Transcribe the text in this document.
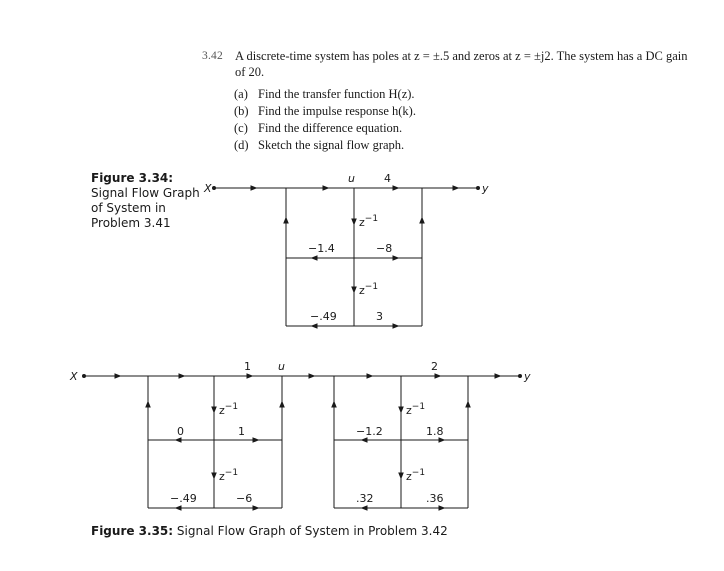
3.42 A discrete-time system has poles at z = ±.5 and zeros at z = ±j2. The system has a DC gain of 20.
(a) Find the transfer function H(z).
(b) Find the impulse response h(k).
(c) Find the difference equation.
(d) Sketch the signal flow graph.
Figure 3.34: Signal Flow Graph of System in Problem 3.41
Figure 3.35: Signal Flow Graph of System in Problem 3.42
X	y
u	4
$z^{-1}$
$z^{-1}$
−1.4	−8
−.49	3
X	y
u
1
$z^{-1}$
$z^{-1}$
0	1
−.49	−6
2
$z^{-1}$
$z^{-1}$
−1.2	1.8
.32	.36
